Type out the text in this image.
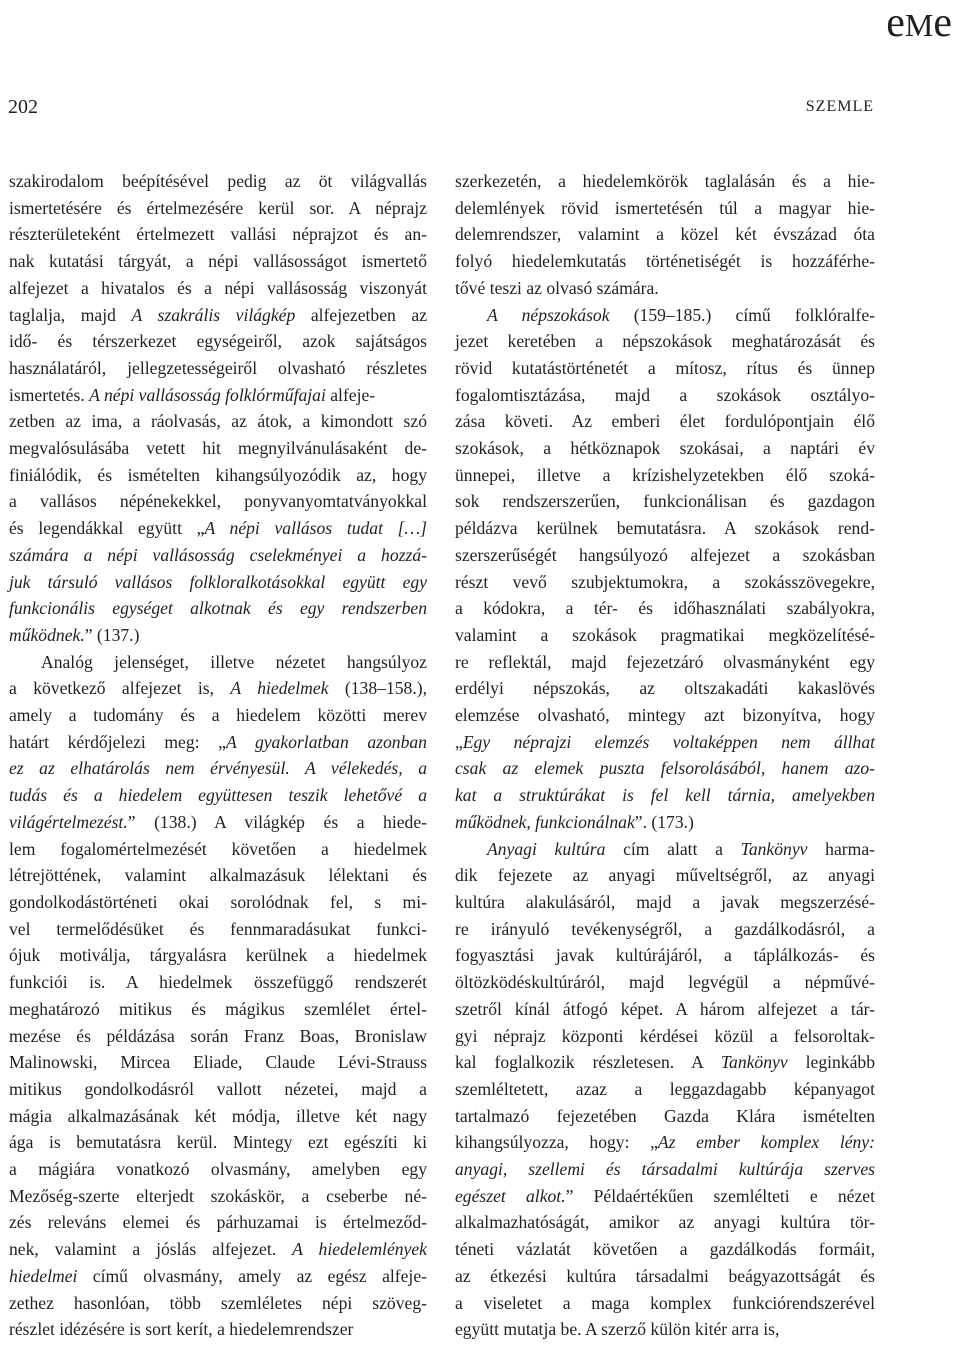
eMe
202	SZEMLE
szakirodalom beépítésével pedig az öt világvallás
ismertetésére és értelmezésére kerül sor. A néprajz
részterületeként értelmezett vallási néprajzot és an-
nak kutatási tárgyát, a népi vallásosságot ismertető
alfejezet a hivatalos és a népi vallásosság viszonyát
taglalja, majd A szakrális világkép alfejezetben az
idő- és térszerkezet egységeiről, azok sajátságos
használatáról, jellegzetességeiről olvasható részletes
ismertetés. A népi vallásosság folklórműfajai alfeje-
zetben az ima, a ráolvasás, az átok, a kimondott szó
megvalósulásába vetett hit megnyilvánulásaként de-
finiálódik, és ismételten kihangsúlyozódik az, hogy
a vallásos népénekekkel, ponyvanyomtatványokkal
és legendákkal együtt „A népi vallásos tudat […]
számára a népi vallásosság cselekményei a hozzá-
juk társuló vallásos folkloralkotásokkal együtt egy
funkcionális egységet alkotnak és egy rendszerben
működnek.” (137.)
Analóg jelenséget, illetve nézetet hangsúlyoz
a következő alfejezet is, A hiedelmek (138–158.),
amely a tudomány és a hiedelem közötti merev
határt kérdőjelezi meg: „A gyakorlatban azonban
ez az elhatárolás nem érvényesül. A vélekedés, a
tudás és a hiedelem együttesen teszik lehetővé a
világértelmezést.” (138.) A világkép és a hiede-
lem fogalomértelmezését követően a hiedelmek
létrejöttének, valamint alkalmazásuk lélektani és
gondolkodástörténeti okai sorolódnak fel, s mi-
vel termelődésüket és fennmaradásukat funkci-
ójuk motiválja, tárgyalásra kerülnek a hiedelmek
funkciói is. A hiedelmek összefüggő rendszerét
meghatározó mitikus és mágikus szemlélet értel-
mezése és példázása során Franz Boas, Bronislaw
Malinowski, Mircea Eliade, Claude Lévi-Strauss
mitikus gondolkodásról vallott nézetei, majd a
mágia alkalmazásának két módja, illetve két nagy
ága is bemutatásra kerül. Mintegy ezt egészíti ki
a mágiára vonatkozó olvasmány, amelyben egy
Mezőség-szerte elterjedt szokáskör, a cseberbe né-
zés releváns elemei és párhuzamai is értelmeződ-
nek, valamint a jóslás alfejezet. A hiedelemlények
hiedelmei című olvasmány, amely az egész alfeje-
zethez hasonlóan, több szemléletes népi szöveg-
részlet idézésére is sort kerít, a hiedelemrendszer
szerkezetén, a hiedelemkörök taglalásán és a hie-
delemlények rövid ismertetésén túl a magyar hie-
delemrendszer, valamint a közel két évszázad óta
folyó hiedelemkutatás történetiségét is hozzáférhe-
tővé teszi az olvasó számára.
A népszokások (159–185.) című folklóralfe-
jezet keretében a népszokások meghatározását és
rövid kutatástörténetét a mítosz, rítus és ünnep
fogalomtisztázása, majd a szokások osztályo-
zása követi. Az emberi élet fordulópontjain élő
szokások, a hétköznapok szokásai, a naptári év
ünnepei, illetve a krízishelyzetekben élő szoká-
sok rendszerszerűen, funkcionálisan és gazdagon
példázva kerülnek bemutatásra. A szokások rend-
szerszerűségét hangsúlyozó alfejezet a szokásban
részt vevő szubjektumokra, a szokásszövegekre,
a kódokra, a tér- és időhasználati szabályokra,
valamint a szokások pragmatikai megközelítésé-
re reflektál, majd fejezetzáró olvasmányként egy
erdélyi népszokás, az oltszakadáti kakaslövés
elemzése olvasható, mintegy azt bizonyítva, hogy
„Egy néprajzi elemzés voltaképpen nem állhat
csak az elemek puszta felsorolásából, hanem azo-
kat a struktúrákat is fel kell tárnia, amelyekben
működnek, funkcionálnak”. (173.)
Anyagi kultúra cím alatt a Tankönyv harma-
dik fejezete az anyagi műveltségről, az anyagi
kultúra alakulásáról, majd a javak megszerzésé-
re irányuló tevékenységről, a gazdálkodásról, a
fogyasztási javak kultúrájáról, a táplálkozás- és
öltözködéskultúráról, majd legvégül a népművé-
szetről kínál átfogó képet. A három alfejezet a tár-
gyi néprajz központi kérdései közül a felsoroltak-
kal foglalkozik részletesen. A Tankönyv leginkább
szemléltetett, azaz a leggazdagabb képanyagot
tartalmazó fejezetében Gazda Klára ismételten
kihangsúlyozza, hogy: „Az ember komplex lény:
anyagi, szellemi és társadalmi kultúrája szerves
egészet alkot.” Példaértékűen szemlélteti e nézet
alkalmazhatóságát, amikor az anyagi kultúra tör-
téneti vázlatát követően a gazdálkodás formáit,
az étkezési kultúra társadalmi beágyazottságát és
a viseletet a maga komplex funkciórendszerével
együtt mutatja be. A szerző külön kitér arra is,
